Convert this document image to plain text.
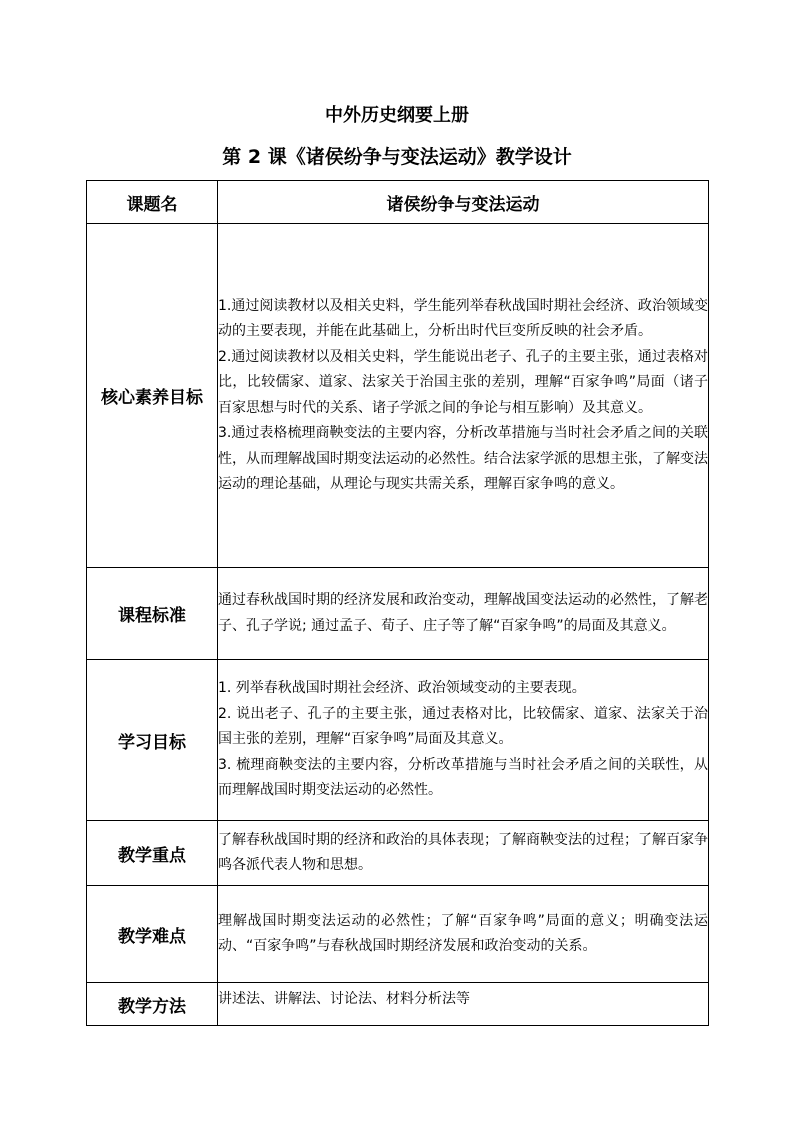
中外历史纲要上册
第 2 课《诸侯纷争与变法运动》教学设计
课题名	诸侯纷争与变法运动
核心素养目标	1.通过阅读教材以及相关史料，学生能列举春秋战国时期社会经济、政治领域变动的主要表现，并能在此基础上，分析出时代巨变所反映的社会矛盾。

2.通过阅读教材以及相关史料，学生能说出老子、孔子的主要主张，通过表格对比，比较儒家、道家、法家关于治国主张的差别，理解“百家争鸣”局面（诸子百家思想与时代的关系、诸子学派之间的争论与相互影响）及其意义。

3.通过表格梳理商鞅变法的主要内容，分析改革措施与当时社会矛盾之间的关联性，从而理解战国时期变法运动的必然性。结合法家学派的思想主张，了解变法运动的理论基础，从理论与现实共需关系，理解百家争鸣的意义。

课程标准	通过春秋战国时期的经济发展和政治变动，理解战国变法运动的必然性，了解老子、孔子学说; 通过孟子、荀子、庄子等了解“百家争鸣”的局面及其意义。
学习目标	1. 列举春秋战国时期社会经济、政治领域变动的主要表现。

2. 说出老子、孔子的主要主张，通过表格对比，比较儒家、道家、法家关于治国主张的差别，理解“百家争鸣”局面及其意义。

3. 梳理商鞅变法的主要内容，分析改革措施与当时社会矛盾之间的关联性，从而理解战国时期变法运动的必然性。

教学重点	了解春秋战国时期的经济和政治的具体表现；了解商鞅变法的过程；了解百家争鸣各派代表人物和思想。
教学难点	理解战国时期变法运动的必然性；了解“百家争鸣”局面的意义；明确变法运动、“百家争鸣”与春秋战国时期经济发展和政治变动的关系。
教学方法	讲述法、讲解法、讨论法、材料分析法等
